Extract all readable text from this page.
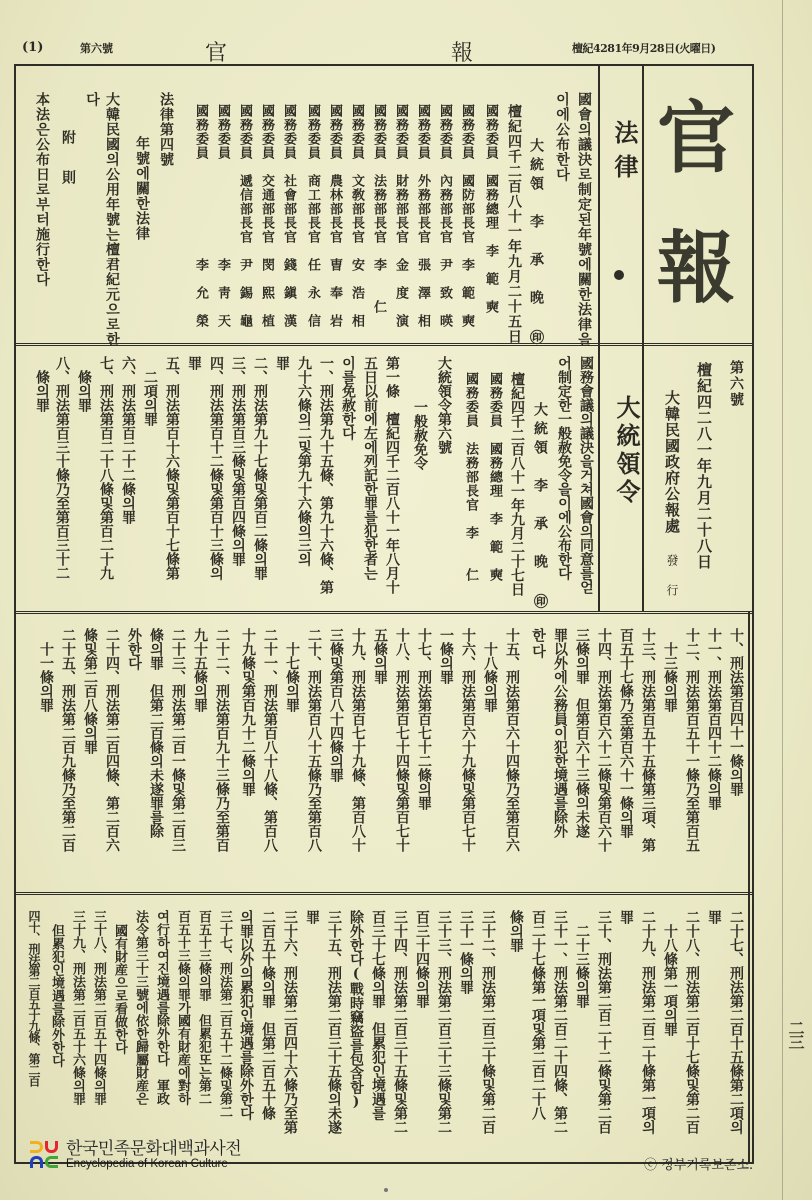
(1)	第六號	官	報	檀紀4281年9月28日(火曜日)
官
報
法律
第六號
檀紀四二八一年九月二十八日
大韓民國政府公報處
發 行
大統領令
國會의議決로制定된年號에關한法律을
이에公布한다
大統領　李　承　晚 ㊞
檀紀四千二百八十一年九月二十五日
國務委員　國務總理　李　範　奭
國務委員　國防部長官　李　範　奭
國務委員　內務部長官　尹　致　暎
國務委員　外務部長官　張　澤　相
國務委員　財務部長官　金　度　演
國務委員　法務部長官　李　　仁
國務委員　文敎部長官　安　浩　相
國務委員　農林部長官　曺　奉　岩
國務委員　商工部長官　任　永　信
國務委員　社會部長官　錢　鎭　漢
國務委員　交通部長官　閔　熙　植
國務委員　遞信部長官　尹　錫　龜
國務委員　　　　　　　李　靑　天
國務委員　　　　　　　李　允　榮
法律第四號
年號에關한法律
大韓民國의公用年號는檀君紀元으로한
다
附　則
本法은公布日로부터施行한다
國務會議의議決을거쳐國會의同意를얻
어制定한一般赦免令을이에公布한다
大統領　李　承　晚 ㊞
檀紀四千二百八十一年九月二十七日
國務委員　國務總理　李　範　奭
國務委員　法務部長官　李　　仁
大統領令第六號
一般赦免令
第一條　檀紀四千二百八十一年八月十
五日以前에左에列記한罪를犯한者는
이를免赦한다
一、刑法第九十五條、第九十六條、第
九十六條의二및第九十六條의三의
罪
二、刑法第九十七條및第百二條의罪
三、刑法第百三條및第百四條의罪
四、刑法第百十二條및第百十三條의
罪
五、刑法第百十六條및第百十七條第
二項의罪
六、刑法第百二十二條의罪
七、刑法第百二十八條및第百二十九
條의罪
八、刑法第百三十條乃至第百三十二
條의罪
十、刑法第百四十一條의罪
十一、刑法第百四十二條의罪
十二、刑法第百五十一條乃至第百五
十三條의罪
十三、刑法第百五十五條第三項、第
百五十七條乃至第百六十一條의罪
十四、刑法第百六十二條및第百六十
三條의罪　但第百六十三條의未遂
罪以外에公務員이犯한境遇를除外
한다
十五、刑法第百六十四條乃至第百六
十八條의罪
十六、刑法第百六十九條및第百七十
一條의罪
十七、刑法第百七十二條의罪
十八、刑法第百七十四條및第百七十
五條의罪
十九、刑法第百七十九條、第百八十
三條및第百八十四條의罪
二十、刑法第百八十五條乃至第百八
十七條의罪
二十一、刑法第百八十八條、第百八
十九條및第百九十二條의罪
二十二、刑法第百九十三條乃至第百
九十五條의罪
二十三、刑法第二百一條및第二百三
條의罪　但第二百條의未遂罪를除
外한다
二十四、刑法第二百四條、第二百六
條및第二百八條의罪
二十五、刑法第二百九條乃至第二百
十一條의罪
二十七、刑法第二百十五條第二項의
罪
二十八、刑法第二百十七條및第二百
十八條第一項의罪
二十九、刑法第二百二十條第一項의
罪
三十、刑法第二百二十二條및第二百
二十三條의罪
三十一、刑法第二百二十四條、第二
百二十七條第一項및第二百二十八
條의罪
三十二、刑法第二百三十條및第二百
三十一條의罪
三十三、刑法第二百三十三條및第二
百三十四條의罪
三十四、刑法第二百三十五條및第二
百三十七條의罪　但累犯인境遇를
除外한다(戰時竊盜를包含함)
三十五、刑法第二百三十五條의未遂
罪
三十六、刑法第二百四十六條乃至第
二百五十條의罪　但第二百五十條
의罪以外의累犯인境遇를除外한다
三十七、刑法第二百五十二條및第二
百五十三條의罪　但累犯또는第二
百五十三條의罪가國有財産에對하
여行하여진境遇를除外한다　軍政
法令第三十三號에依한歸屬財産은
國有財産으로看做한다
三十八、刑法第二百五十四條의罪
三十九、刑法第二百五十六條의罪
但累犯인境遇를除外한다
四十、刑法第二百五十九條、第二百	二三
한국민족문화대백과사전
Encyclopedia of Korean Culture	ⓒ 정부기록보존소.
